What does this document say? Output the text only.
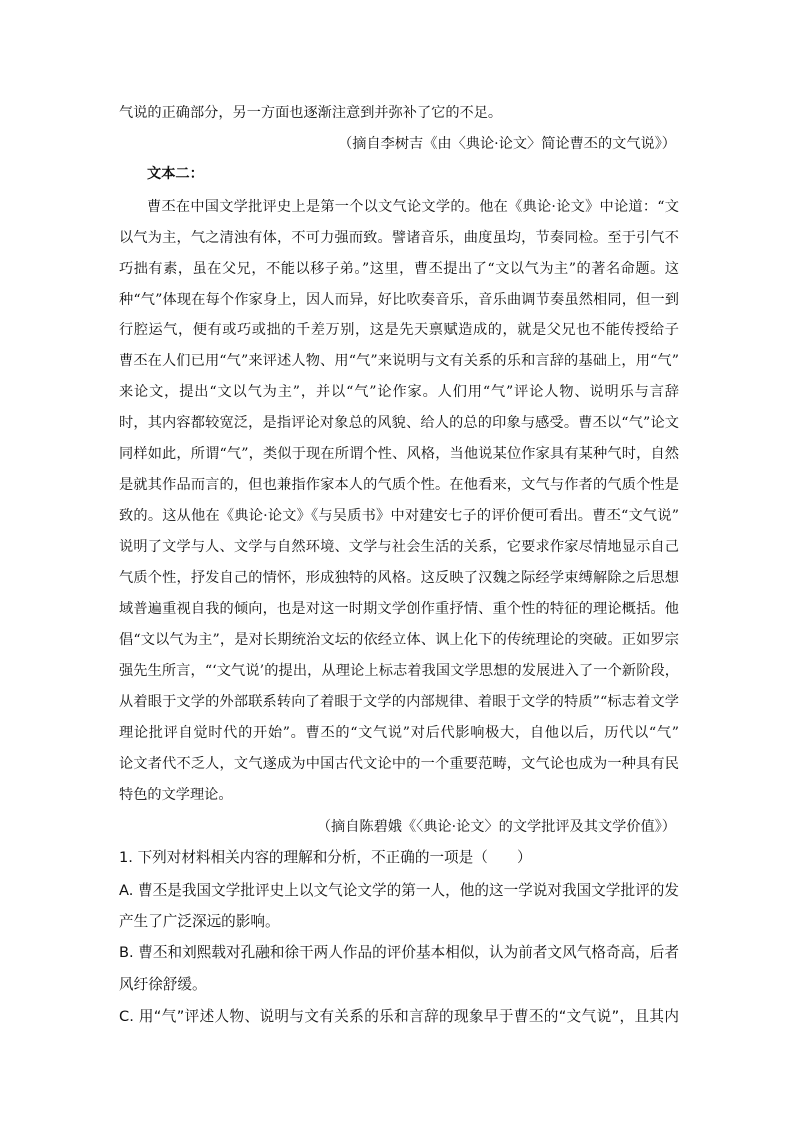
气说的正确部分，另一方面也逐渐注意到并弥补了它的不足。
（摘自李树吉《由〈典论·论文〉简论曹丕的文气说》）
文本二：
曹丕在中国文学批评史上是第一个以文气论文学的。他在《典论·论文》中论道：“文
以气为主，气之清浊有体，不可力强而致。譬诸音乐，曲度虽均，节奏同检。至于引气不
巧拙有素，虽在父兄，不能以移子弟。”这里，曹丕提出了“文以气为主”的著名命题。这
种“气”体现在每个作家身上，因人而异，好比吹奏音乐，音乐曲调节奏虽然相同，但一到
行腔运气，便有或巧或拙的千差万别，这是先天禀赋造成的，就是父兄也不能传授给子
曹丕在人们已用“气”来评述人物、用“气”来说明与文有关系的乐和言辞的基础上，用“气”
来论文，提出“文以气为主”，并以“气”论作家。人们用“气”评论人物、说明乐与言辞
时，其内容都较宽泛，是指评论对象总的风貌、给人的总的印象与感受。曹丕以“气”论文
同样如此，所谓“气”，类似于现在所谓个性、风格，当他说某位作家具有某种气时，自然
是就其作品而言的，但也兼指作家本人的气质个性。在他看来，文气与作者的气质个性是
致的。这从他在《典论·论文》《与吴质书》中对建安七子的评价便可看出。曹丕“文气说”
说明了文学与人、文学与自然环境、文学与社会生活的关系，它要求作家尽情地显示自己
气质个性，抒发自己的情怀，形成独特的风格。这反映了汉魏之际经学束缚解除之后思想
域普遍重视自我的倾向，也是对这一时期文学创作重抒情、重个性的特征的理论概括。他
倡“文以气为主”，是对长期统治文坛的依经立体、讽上化下的传统理论的突破。正如罗宗
强先生所言，“‘文气说’的提出，从理论上标志着我国文学思想的发展进入了一个新阶段，
从着眼于文学的外部联系转向了着眼于文学的内部规律、着眼于文学的特质”“标志着文学
理论批评自觉时代的开始”。曹丕的“文气说”对后代影响极大，自他以后，历代以“气”
论文者代不乏人，文气遂成为中国古代文论中的一个重要范畴，文气论也成为一种具有民
特色的文学理论。
（摘自陈碧娥《〈典论·论文〉的文学批评及其文学价值》）
1. 下列对材料相关内容的理解和分析，不正确的一项是（　　）
A. 曹丕是我国文学批评史上以文气论文学的第一人，他的这一学说对我国文学批评的发
产生了广泛深远的影响。
B. 曹丕和刘熙载对孔融和徐干两人作品的评价基本相似，认为前者文风气格奇高，后者
风纡徐舒缓。
C. 用“气”评述人物、说明与文有关系的乐和言辞的现象早于曹丕的“文气说”，且其内
